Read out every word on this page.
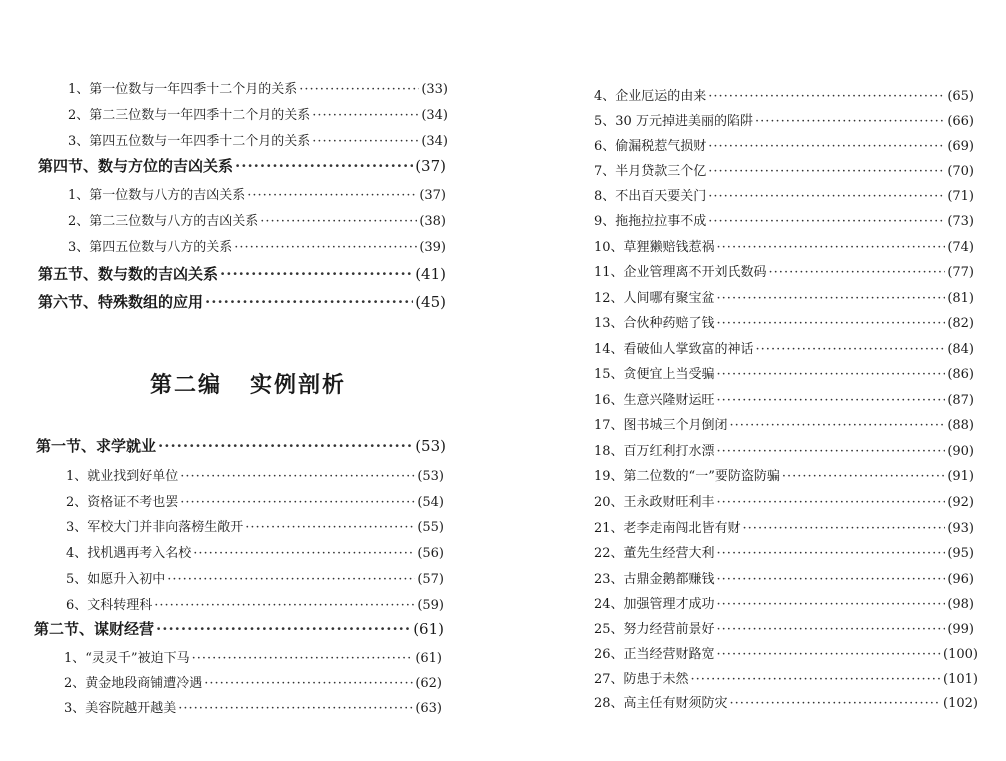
1、第一位数与一年四季十二个月的关系 ·····	(33)
2、第二三位数与一年四季十二个月的关系 ·····	(34)
3、第四五位数与一年四季十二个月的关系 ·····	(34)
第四节、数与方位的吉凶关系 ·····	(37)
1、第一位数与八方的吉凶关系 ·····	(37)
2、第二三位数与八方的吉凶关系 ·····	(38)
3、第四五位数与八方的关系 ·····	(39)
第五节、数与数的吉凶关系 ·····	(41)
第六节、特殊数组的应用 ·····	(45)
第二编 实例剖析
第一节、求学就业 ·····	(53)
1、就业找到好单位 ·····	(53)
2、资格证不考也罢 ·····	(54)
3、军校大门并非向落榜生敞开 ·····	(55)
4、找机遇再考入名校 ·····	(56)
5、如愿升入初中 ·····	(57)
6、文科转理科 ·····	(59)
第二节、谋财经营 ·····	(61)
1、“灵灵千”被迫下马 ·····	(61)
2、黄金地段商铺遭冷遇 ·····	(62)
3、美容院越开越美 ·····	(63)
4、企业厄运的由来 ·····	(65)
5、30 万元掉进美丽的陷阱 ·····	(66)
6、偷漏税惹气损财 ·····	(69)
7、半月贷款三个亿 ·····	(70)
8、不出百天要关门 ·····	(71)
9、拖拖拉拉事不成 ·····	(73)
10、草狸獭赔钱惹祸 ·····	(74)
11、企业管理离不开刘氏数码 ·····	(77)
12、人间哪有聚宝盆 ·····	(81)
13、合伙种药赔了钱 ·····	(82)
14、看破仙人掌致富的神话 ·····	(84)
15、贪便宜上当受骗 ·····	(86)
16、生意兴隆财运旺 ·····	(87)
17、图书城三个月倒闭 ·····	(88)
18、百万红利打水漂 ·····	(90)
19、第二位数的“一”要防盗防骗 ·····	(91)
20、王永政财旺利丰 ·····	(92)
21、老李走南闯北皆有财 ·····	(93)
22、董先生经营大利 ·····	(95)
23、古鼎金鹅都赚钱 ·····	(96)
24、加强管理才成功 ·····	(98)
25、努力经营前景好 ·····	(99)
26、正当经营财路宽 ·····	(100)
27、防患于未然 ·····	(101)
28、高主任有财须防灾 ·····	(102)
